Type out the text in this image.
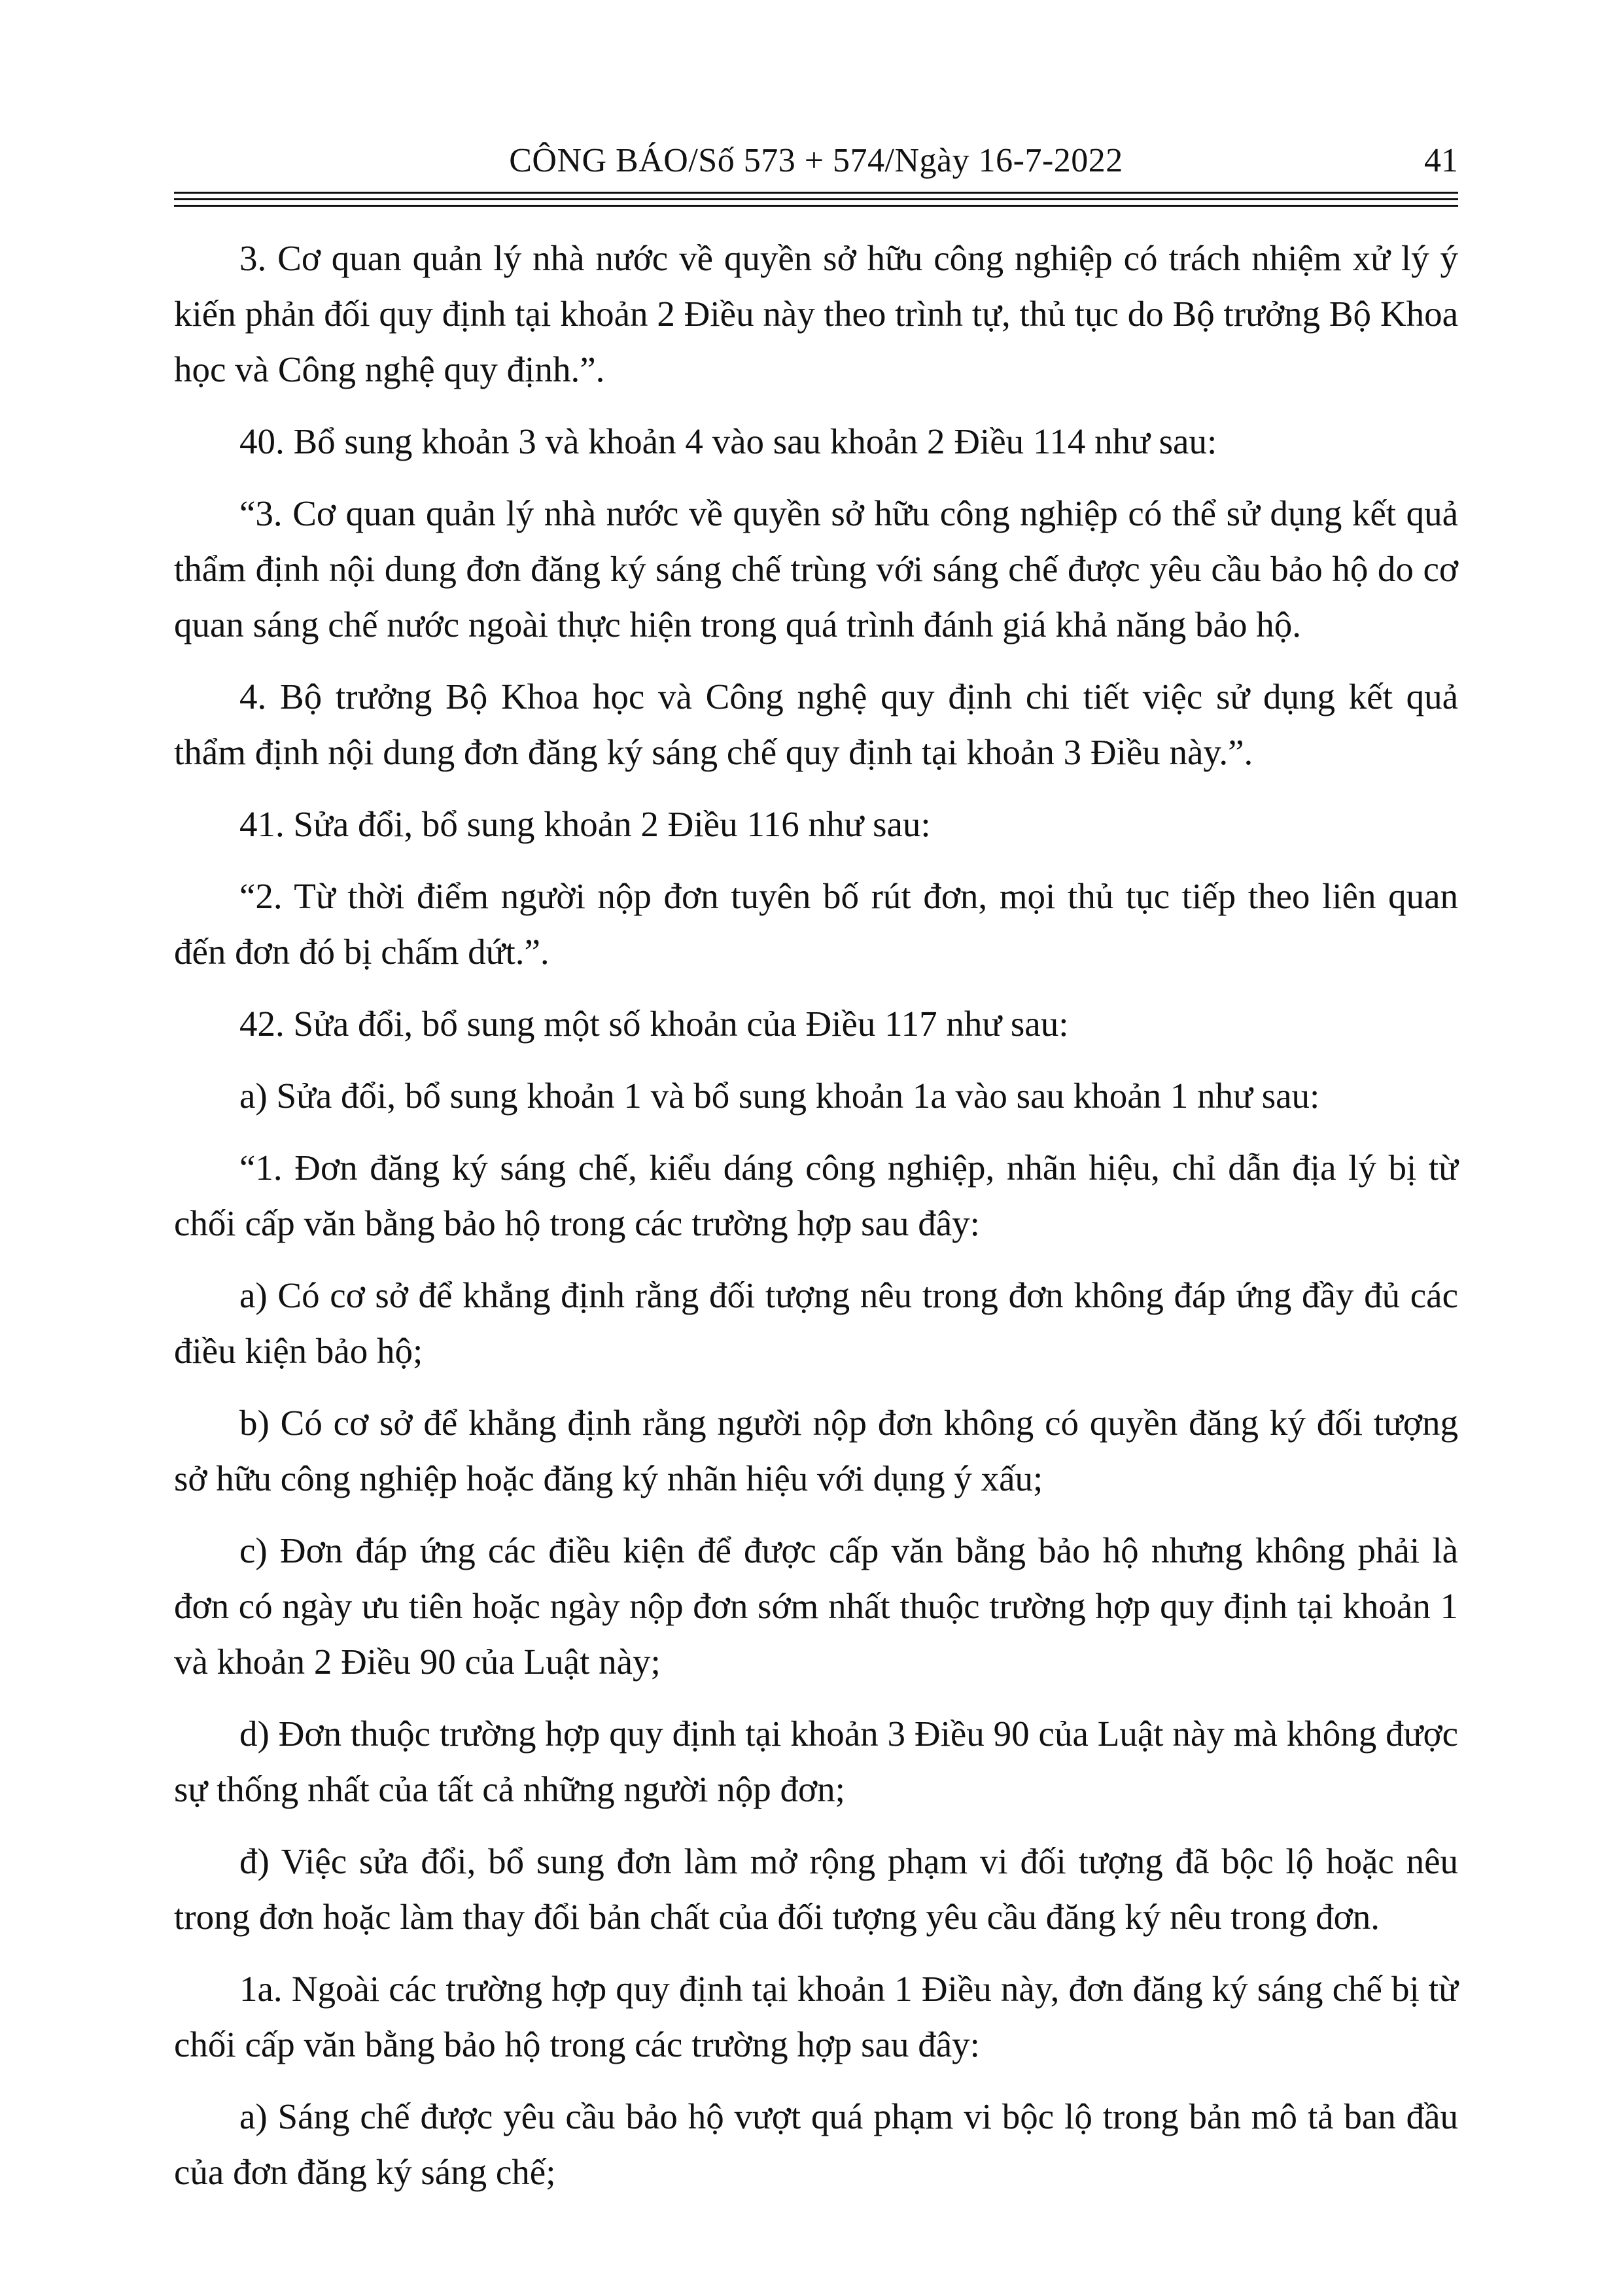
CÔNG BÁO/Số 573 + 574/Ngày 16-7-2022	41

3. Cơ quan quản lý nhà nước về quyền sở hữu công nghiệp có trách nhiệm xử lý ý kiến phản đối quy định tại khoản 2 Điều này theo trình tự, thủ tục do Bộ trưởng Bộ Khoa học và Công nghệ quy định.”.

40. Bổ sung khoản 3 và khoản 4 vào sau khoản 2 Điều 114 như sau:

“3. Cơ quan quản lý nhà nước về quyền sở hữu công nghiệp có thể sử dụng kết quả thẩm định nội dung đơn đăng ký sáng chế trùng với sáng chế được yêu cầu bảo hộ do cơ quan sáng chế nước ngoài thực hiện trong quá trình đánh giá khả năng bảo hộ.

4. Bộ trưởng Bộ Khoa học và Công nghệ quy định chi tiết việc sử dụng kết quả thẩm định nội dung đơn đăng ký sáng chế quy định tại khoản 3 Điều này.”.

41. Sửa đổi, bổ sung khoản 2 Điều 116 như sau:

“2. Từ thời điểm người nộp đơn tuyên bố rút đơn, mọi thủ tục tiếp theo liên quan đến đơn đó bị chấm dứt.”.

42. Sửa đổi, bổ sung một số khoản của Điều 117 như sau:

a) Sửa đổi, bổ sung khoản 1 và bổ sung khoản 1a vào sau khoản 1 như sau:

“1. Đơn đăng ký sáng chế, kiểu dáng công nghiệp, nhãn hiệu, chỉ dẫn địa lý bị từ chối cấp văn bằng bảo hộ trong các trường hợp sau đây:

a) Có cơ sở để khẳng định rằng đối tượng nêu trong đơn không đáp ứng đầy đủ các điều kiện bảo hộ;

b) Có cơ sở để khẳng định rằng người nộp đơn không có quyền đăng ký đối tượng sở hữu công nghiệp hoặc đăng ký nhãn hiệu với dụng ý xấu;

c) Đơn đáp ứng các điều kiện để được cấp văn bằng bảo hộ nhưng không phải là đơn có ngày ưu tiên hoặc ngày nộp đơn sớm nhất thuộc trường hợp quy định tại khoản 1 và khoản 2 Điều 90 của Luật này;

d) Đơn thuộc trường hợp quy định tại khoản 3 Điều 90 của Luật này mà không được sự thống nhất của tất cả những người nộp đơn;

đ) Việc sửa đổi, bổ sung đơn làm mở rộng phạm vi đối tượng đã bộc lộ hoặc nêu trong đơn hoặc làm thay đổi bản chất của đối tượng yêu cầu đăng ký nêu trong đơn.

1a. Ngoài các trường hợp quy định tại khoản 1 Điều này, đơn đăng ký sáng chế bị từ chối cấp văn bằng bảo hộ trong các trường hợp sau đây:

a) Sáng chế được yêu cầu bảo hộ vượt quá phạm vi bộc lộ trong bản mô tả ban đầu của đơn đăng ký sáng chế;
